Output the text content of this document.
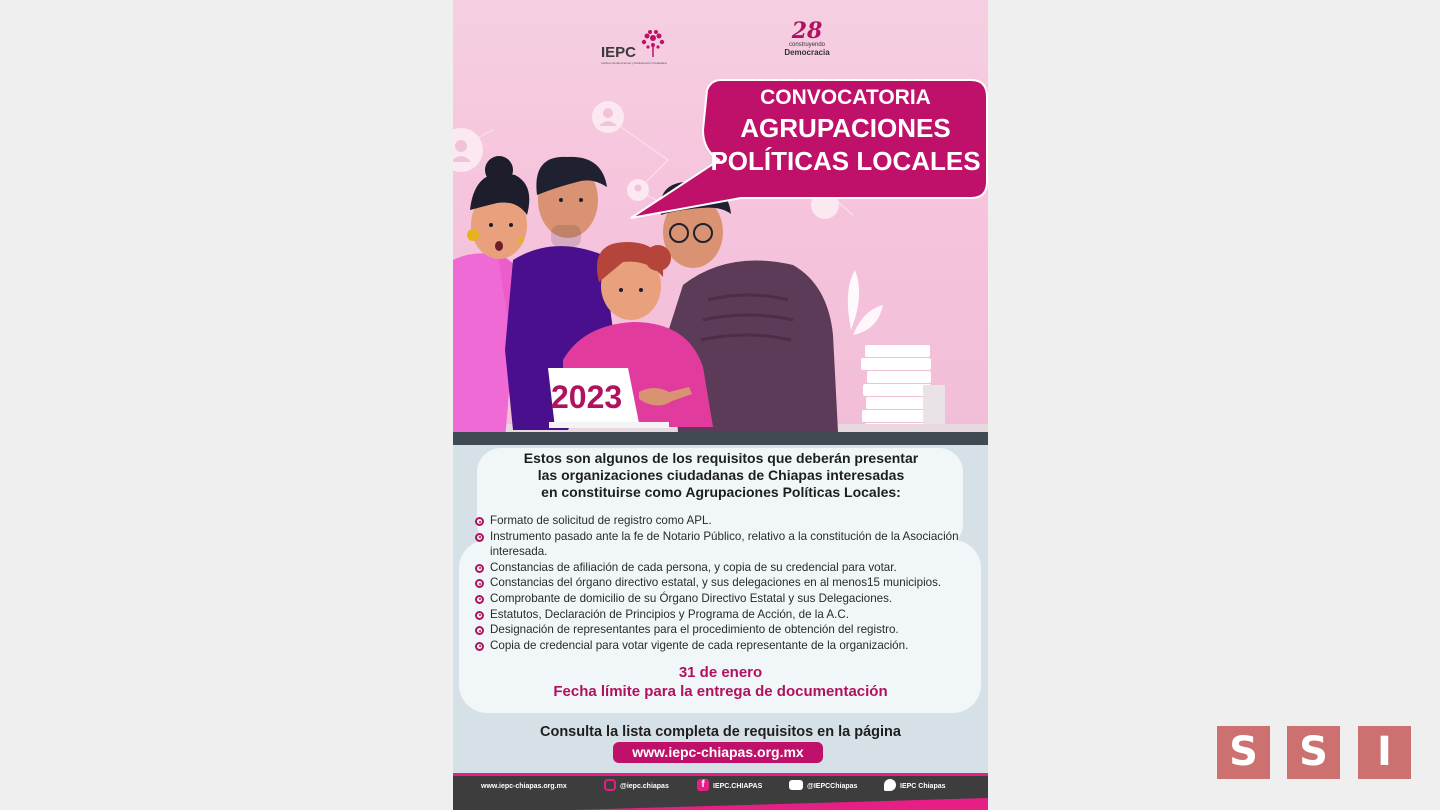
IEPC
Instituto de Elecciones y Participación Ciudadana
28
construyendo
Democracia
CONVOCATORIA
AGRUPACIONES
POLÍTICAS LOCALES
2023
Estos son algunos de los requisitos que deberán presentar
las organizaciones ciudadanas de Chiapas interesadas
en constituirse como Agrupaciones Políticas Locales:
Formato de solicitud de registro como APL.
Instrumento pasado ante la fe de Notario Público, relativo a la constitución de la Asociación interesada.
Constancias de afiliación de cada persona, y copia de su credencial para votar.
Constancias del órgano directivo estatal, y sus delegaciones en al menos15 municipios.
Comprobante de domicilio de su Órgano Directivo Estatal y sus Delegaciones.
Estatutos, Declaración de Principios y Programa de Acción, de la A.C.
Designación de representantes para el procedimiento de obtención del registro.
Copia de credencial para votar vigente de cada representante de la organización.
31 de enero
Fecha límite para la entrega de documentación
Consulta la lista completa de requisitos en la página
www.iepc-chiapas.org.mx
www.iepc-chiapas.org.mx	@iepc.chiapas	f IEPC.CHIAPAS	@IEPCChiapas	IEPC Chiapas
S	S	I
